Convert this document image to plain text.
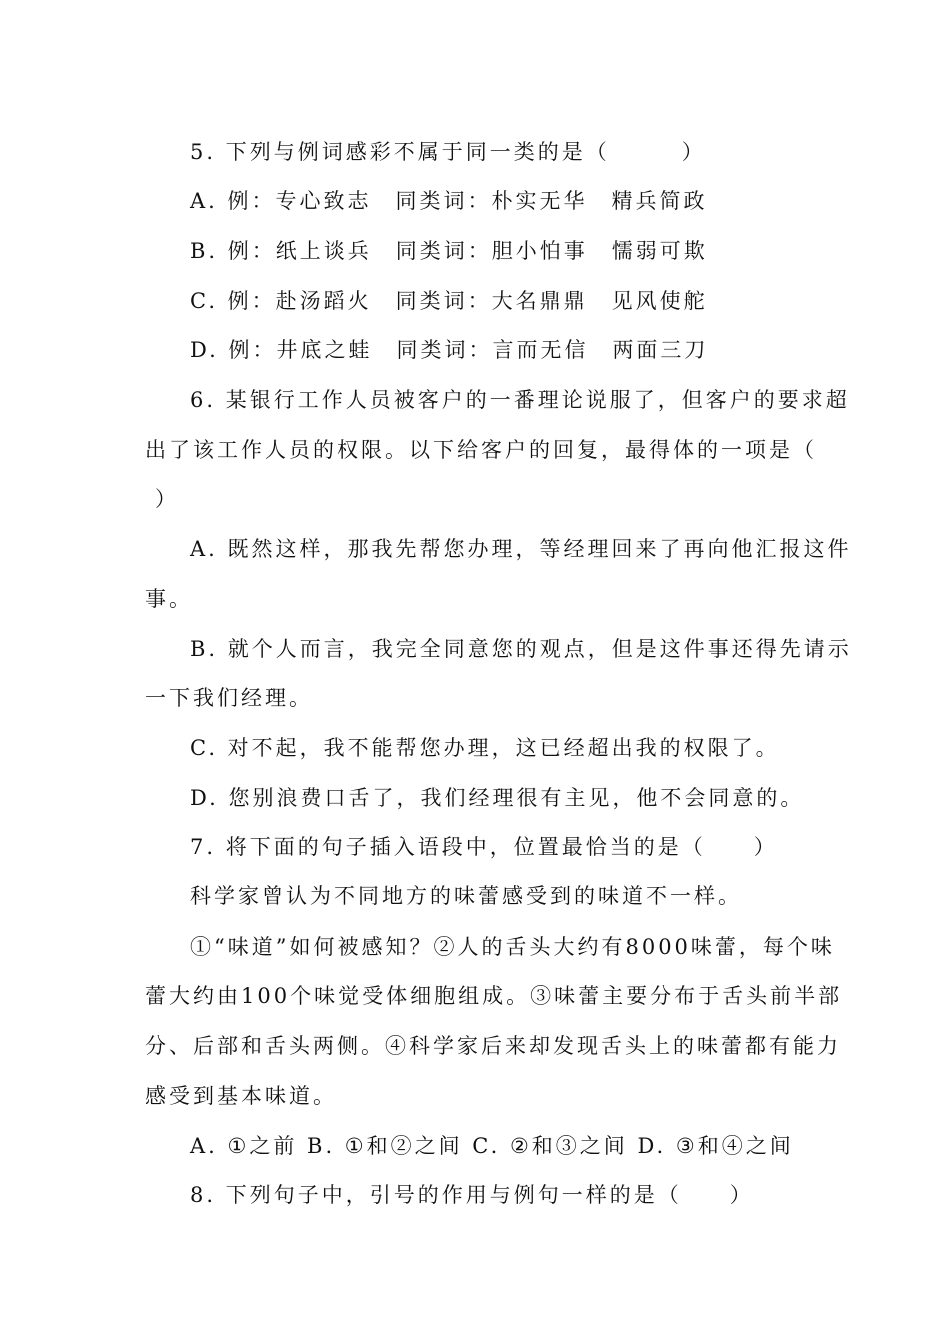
5. 下列与例词感彩不属于同一类的是（　　　）
A. 例：专心致志　同类词：朴实无华　精兵简政
B. 例：纸上谈兵　同类词：胆小怕事　懦弱可欺
C. 例：赴汤蹈火　同类词：大名鼎鼎　见风使舵
D. 例：井底之蛙　同类词：言而无信　两面三刀
6. 某银行工作人员被客户的一番理论说服了，但客户的要求超
出了该工作人员的权限。以下给客户的回复，最得体的一项是（
）
A. 既然这样，那我先帮您办理，等经理回来了再向他汇报这件
事。
B. 就个人而言，我完全同意您的观点，但是这件事还得先请示
一下我们经理。
C. 对不起，我不能帮您办理，这已经超出我的权限了。
D. 您别浪费口舌了，我们经理很有主见，他不会同意的。
7. 将下面的句子插入语段中，位置最恰当的是（　　）
科学家曾认为不同地方的味蕾感受到的味道不一样。
①“味道”如何被感知？②人的舌头大约有8000味蕾，每个味
蕾大约由100个味觉受体细胞组成。③味蕾主要分布于舌头前半部
分、后部和舌头两侧。④科学家后来却发现舌头上的味蕾都有能力
感受到基本味道。
A. ①之前 B. ①和②之间 C. ②和③之间 D. ③和④之间
8. 下列句子中，引号的作用与例句一样的是（　　）
